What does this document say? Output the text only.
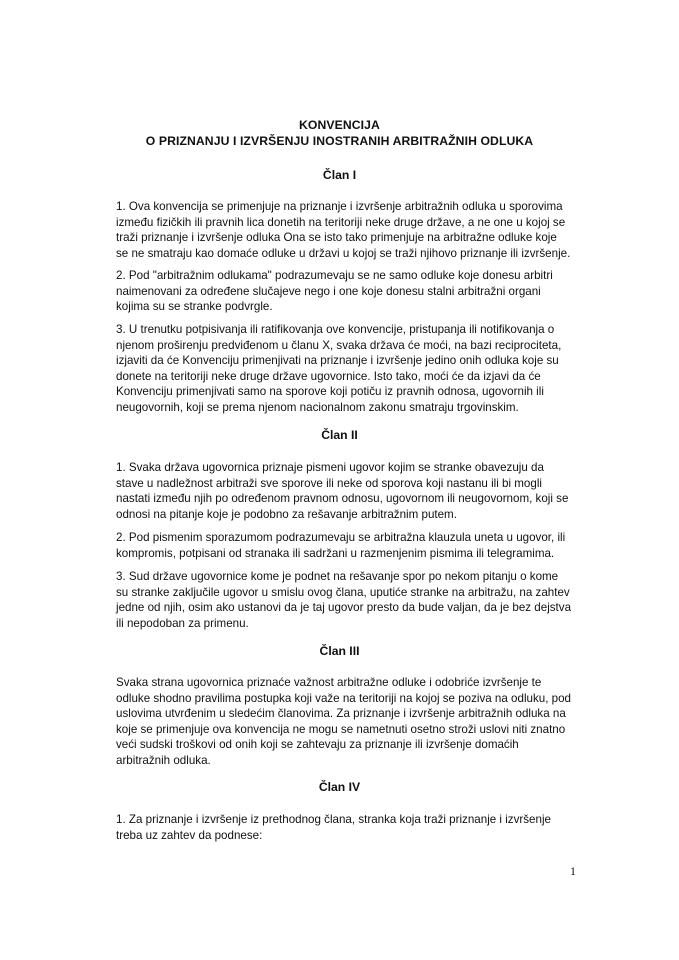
KONVENCIJA
O PRIZNANJU I IZVRŠENJU INOSTRANIH ARBITRAŽNIH ODLUKA
Član I
1. Ova konvencija se primenjuje na priznanje i izvršenje arbitražnih odluka u sporovima
između fizičkih ili pravnih lica donetih na teritoriji neke druge države, a ne one u kojoj se
traži priznanje i izvršenje odluka Ona se isto tako primenjuje na arbitražne odluke koje
se ne smatraju kao domaće odluke u državi u kojoj se traži njihovo priznanje ili izvršenje.
2. Pod "arbitražnim odlukama" podrazumevaju se ne samo odluke koje donesu arbitri
naimenovani za određene slučajeve nego i one koje donesu stalni arbitražni organi
kojima su se stranke podvrgle.
3. U trenutku potpisivanja ili ratifikovanja ove konvencije, pristupanja ili notifikovanja o
njenom proširenju predviđenom u članu X, svaka država će moći, na bazi reciprociteta,
izjaviti da će Konvenciju primenjivati na priznanje i izvršenje jedino onih odluka koje su
donete na teritoriji neke druge države ugovornice. Isto tako, moći će da izjavi da će
Konvenciju primenjivati samo na sporove koji potiču iz pravnih odnosa, ugovornih ili
neugovornih, koji se prema njenom nacionalnom zakonu smatraju trgovinskim.
Član II
1. Svaka država ugovornica priznaje pismeni ugovor kojim se stranke obavezuju da
stave u nadležnost arbitraži sve sporove ili neke od sporova koji nastanu ili bi mogli
nastati između njih po određenom pravnom odnosu, ugovornom ili neugovornom, koji se
odnosi na pitanje koje je podobno za rešavanje arbitražnim putem.
2. Pod pismenim sporazumom podrazumevaju se arbitražna klauzula uneta u ugovor, ili
kompromis, potpisani od stranaka ili sadržani u razmenjenim pismima ili telegramima.
3. Sud države ugovornice kome je podnet na rešavanje spor po nekom pitanju o kome
su stranke zaključile ugovor u smislu ovog člana, uputiće stranke na arbitražu, na zahtev
jedne od njih, osim ako ustanovi da je taj ugovor presto da bude valjan, da je bez dejstva
ili nepodoban za primenu.
Član III
Svaka strana ugovornica priznaće važnost arbitražne odluke i odobriće izvršenje te
odluke shodno pravilima postupka koji važe na teritoriji na kojoj se poziva na odluku, pod
uslovima utvrđenim u sledećim članovima. Za priznanje i izvršenje arbitražnih odluka na
koje se primenjuje ova konvencija ne mogu se nametnuti osetno stroži uslovi niti znatno
veći sudski troškovi od onih koji se zahtevaju za priznanje ili izvršenje domaćih
arbitražnih odluka.
Član IV
1. Za priznanje i izvršenje iz prethodnog člana, stranka koja traži priznanje i izvršenje
treba uz zahtev da podnese:
1
